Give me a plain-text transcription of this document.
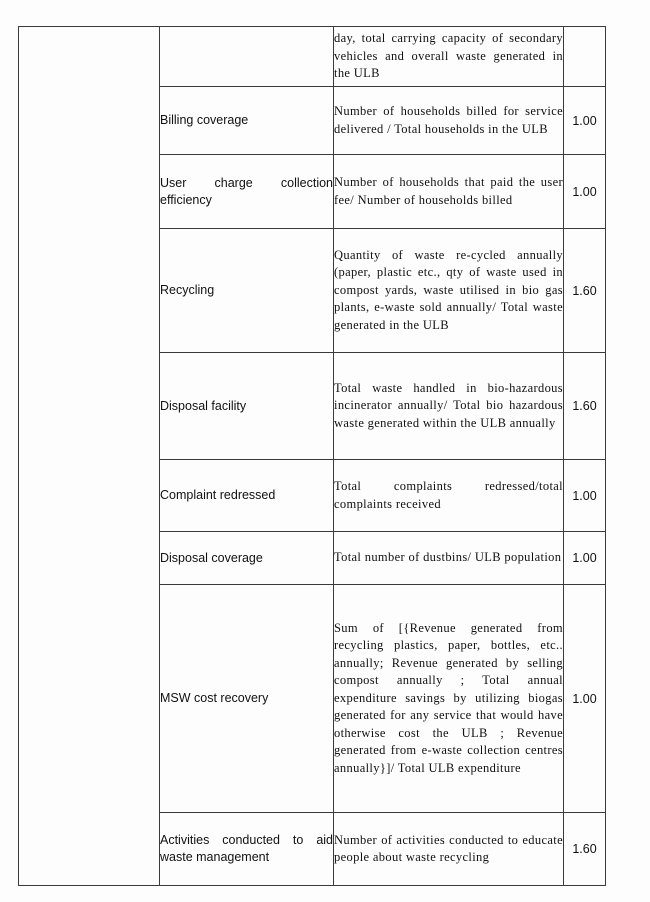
		day, total carrying capacity of secondary vehicles and overall waste generated in the ULB	
	Billing coverage	Number of households billed for service delivered / Total households in the ULB	1.00
	User charge collection efficiency	Number of households that paid the user fee/ Number of households billed	1.00
	Recycling	Quantity of waste re-cycled annually (paper, plastic etc., qty of waste used in compost yards, waste utilised in bio gas plants, e-waste sold annually/ Total waste generated in the ULB	1.60
	Disposal facility	Total waste handled in bio-hazardous incinerator annually/ Total bio hazardous waste generated within the ULB annually	1.60
	Complaint redressed	Total complaints redressed/total complaints received	1.00
	Disposal coverage	Total number of dustbins/ ULB population	1.00
	MSW cost recovery	Sum of [{Revenue generated from recycling plastics, paper, bottles, etc.. annually; Revenue generated by selling compost annually ; Total annual expenditure savings by utilizing biogas generated for any service that would have otherwise cost the ULB ; Revenue generated from e-waste collection centres annually}]/ Total ULB expenditure	1.00
	Activities conducted to aid waste management	Number of activities conducted to educate people about waste recycling	1.60
